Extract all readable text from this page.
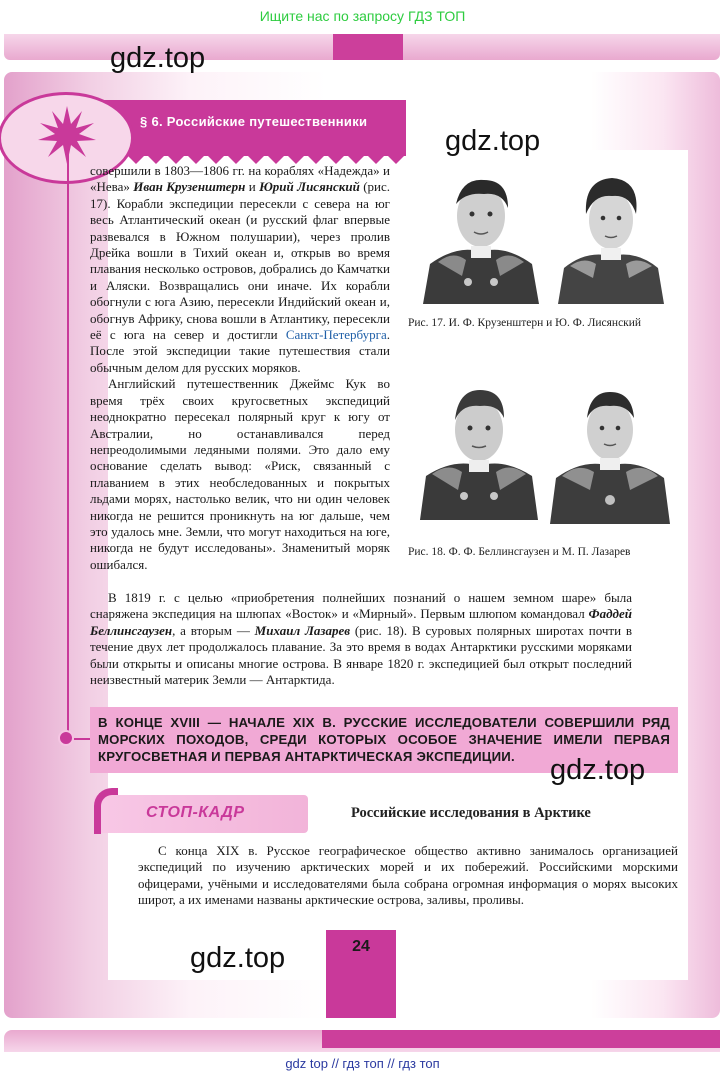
Ищите нас по запросу ГДЗ ТОП
§ 6. Российские путешественники

совершили в 1803—1806 гг. на кораблях «Надежда» и «Нева» Иван Крузенштерн и Юрий Лисянский (рис. 17). Корабли экспедиции пересекли с севера на юг весь Атлантический океан (и русский флаг впервые развевался в Южном полушарии), через пролив Дрейка вошли в Тихий океан и, открыв во время плавания несколько островов, добрались до Камчатки и Аляски. Возвращались они иначе. Их корабли обогнули с юга Азию, пересекли Индийский океан и, обогнув Африку, снова вошли в Атлантику, пересекли её с юга на север и достигли Санкт-Петербурга. После этой экспедиции такие путешествия стали обычным делом для русских моряков.

Английский путешественник Джеймс Кук во время трёх своих кругосветных экспедиций неоднократно пересекал полярный круг к югу от Австралии, но останавливался перед непреодолимыми ледяными полями. Это дало ему основание сделать вывод: «Риск, связанный с плаванием в этих необследованных и покрытых льдами морях, настолько велик, что ни один человек никогда не решится проникнуть на юг дальше, чем это удалось мне. Земли, что могут находиться на юге, никогда не будут исследованы». Знаменитый моряк ошибался.

Рис. 17. И. Ф. Крузенштерн и Ю. Ф. Лисянский
Рис. 18. Ф. Ф. Беллинсгаузен и М. П. Лазарев

В 1819 г. с целью «приобретения полнейших познаний о нашем земном шаре» была снаряжена экспедиция на шлюпах «Восток» и «Мирный». Первым шлюпом командовал Фаддей Беллинсгаузен, а вторым — Михаил Лазарев (рис. 18). В суровых полярных широтах почти в течение двух лет продолжалось плавание. За это время в водах Антарктики русскими моряками были открыты и описаны многие острова. В январе 1820 г. экспедицией был открыт последний неизвестный материк Земли — Антарктида.

В КОНЦЕ XVIII — НАЧАЛЕ XIX В. РУССКИЕ ИССЛЕДОВАТЕЛИ СОВЕРШИЛИ РЯД МОРСКИХ ПОХОДОВ, СРЕДИ КОТОРЫХ ОСОБОЕ ЗНАЧЕНИЕ ИМЕЛИ ПЕРВАЯ КРУГОСВЕТНАЯ И ПЕРВАЯ АНТАРКТИЧЕСКАЯ ЭКСПЕДИЦИИ.
СТОП-КАДР	Российские исследования в Арктике

С конца XIX в. Русское географическое общество активно занималось организацией экспедиций по изучению арктических морей и их побережий. Российскими морскими офицерами, учёными и исследователями была собрана огромная информация о морях высоких широт, а их именами названы арктические острова, заливы, проливы.

24
gdz.top
gdz.top
gdz.top
gdz.top
gdz top // гдз топ // гдз топ
